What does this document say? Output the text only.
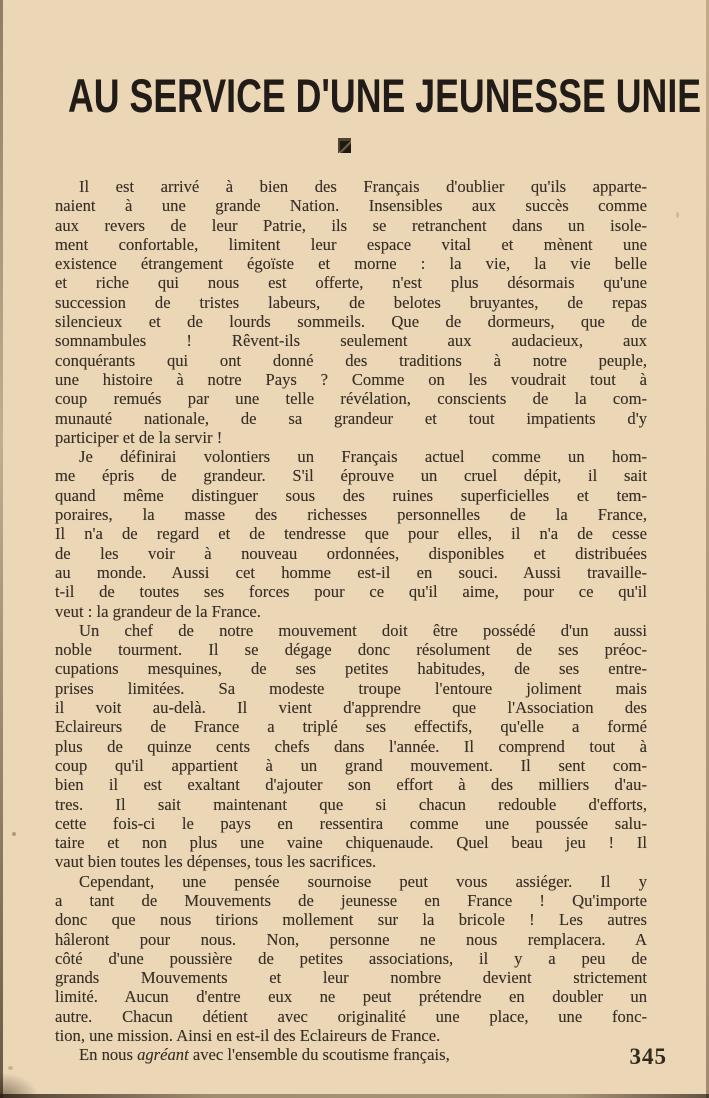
AU SERVICE D'UNE JEUNESSE UNIE
Il est arrivé à bien des Français d'oublier qu'ils apparte-
naient à une grande Nation. Insensibles aux succès comme
aux revers de leur Patrie, ils se retranchent dans un isole-
ment confortable, limitent leur espace vital et mènent une
existence étrangement égoïste et morne : la vie, la vie belle
et riche qui nous est offerte, n'est plus désormais qu'une
succession de tristes labeurs, de belotes bruyantes, de repas
silencieux et de lourds sommeils. Que de dormeurs, que de
somnambules ! Rêvent-ils seulement aux audacieux, aux
conquérants qui ont donné des traditions à notre peuple,
une histoire à notre Pays ? Comme on les voudrait tout à
coup remués par une telle révélation, conscients de la com-
munauté nationale, de sa grandeur et tout impatients d'y
participer et de la servir !
Je définirai volontiers un Français actuel comme un hom-
me épris de grandeur. S'il éprouve un cruel dépit, il sait
quand même distinguer sous des ruines superficielles et tem-
poraires, la masse des richesses personnelles de la France,
Il n'a de regard et de tendresse que pour elles, il n'a de cesse
de les voir à nouveau ordonnées, disponibles et distribuées
au monde. Aussi cet homme est-il en souci. Aussi travaille-
t-il de toutes ses forces pour ce qu'il aime, pour ce qu'il
veut : la grandeur de la France.
Un chef de notre mouvement doit être possédé d'un aussi
noble tourment. Il se dégage donc résolument de ses préoc-
cupations mesquines, de ses petites habitudes, de ses entre-
prises limitées. Sa modeste troupe l'entoure joliment mais
il voit au-delà. Il vient d'apprendre que l'Association des
Eclaireurs de France a triplé ses effectifs, qu'elle a formé
plus de quinze cents chefs dans l'année. Il comprend tout à
coup qu'il appartient à un grand mouvement. Il sent com-
bien il est exaltant d'ajouter son effort à des milliers d'au-
tres. Il sait maintenant que si chacun redouble d'efforts,
cette fois-ci le pays en ressentira comme une poussée salu-
taire et non plus une vaine chiquenaude. Quel beau jeu ! Il
vaut bien toutes les dépenses, tous les sacrifices.
Cependant, une pensée sournoise peut vous assiéger. Il y
a tant de Mouvements de jeunesse en France ! Qu'importe
donc que nous tirions mollement sur la bricole ! Les autres
hâleront pour nous. Non, personne ne nous remplacera. A
côté d'une poussière de petites associations, il y a peu de
grands Mouvements et leur nombre devient strictement
limité. Aucun d'entre eux ne peut prétendre en doubler un
autre. Chacun détient avec originalité une place, une fonc-
tion, une mission. Ainsi en est-il des Eclaireurs de France.
En nous agréant avec l'ensemble du scoutisme français,	345
